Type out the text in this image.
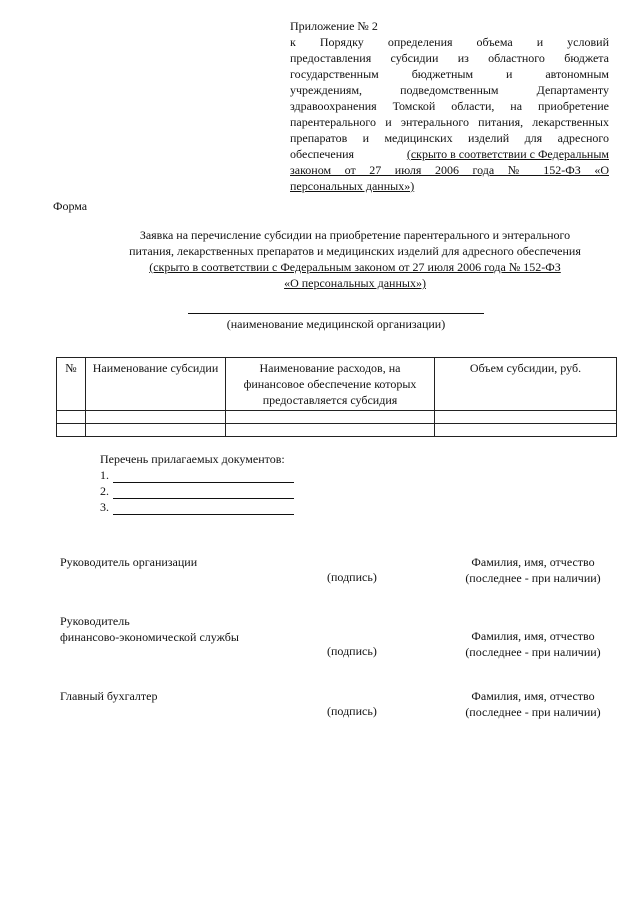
Приложение № 2
к Порядку определения объема и условий
предоставления субсидии из областного бюджета
государственным бюджетным и автономным
учреждениям, подведомственным Департаменту
здравоохранения Томской области, на приобретение
парентерального и энтерального питания, лекарственных
препаратов и медицинских изделий для адресного
обеспечения	(скрыто в соответствии с Федеральным
законом от 27 июля 2006 года № 152-ФЗ «О
персональных данных»)
Форма
Заявка на перечисление субсидии на приобретение парентерального и энтерального
питания, лекарственных препаратов и медицинских изделий для адресного обеспечения
(скрыто в соответствии с Федеральным законом от 27 июля 2006 года № 152-ФЗ
«О персональных данных»)
(наименование медицинской организации)
№	Наименование субсидии	Наименование расходов, на финансовое обеспечение которых предоставляется субсидия	Объем субсидии, руб.

Перечень прилагаемых документов:
1.
2.
3.
Руководитель организации
(подпись)
Фамилия, имя, отчество
(последнее - при наличии)
Руководитель
финансово-экономической службы
(подпись)
Фамилия, имя, отчество
(последнее - при наличии)
Главный бухгалтер
(подпись)
Фамилия, имя, отчество
(последнее - при наличии)
